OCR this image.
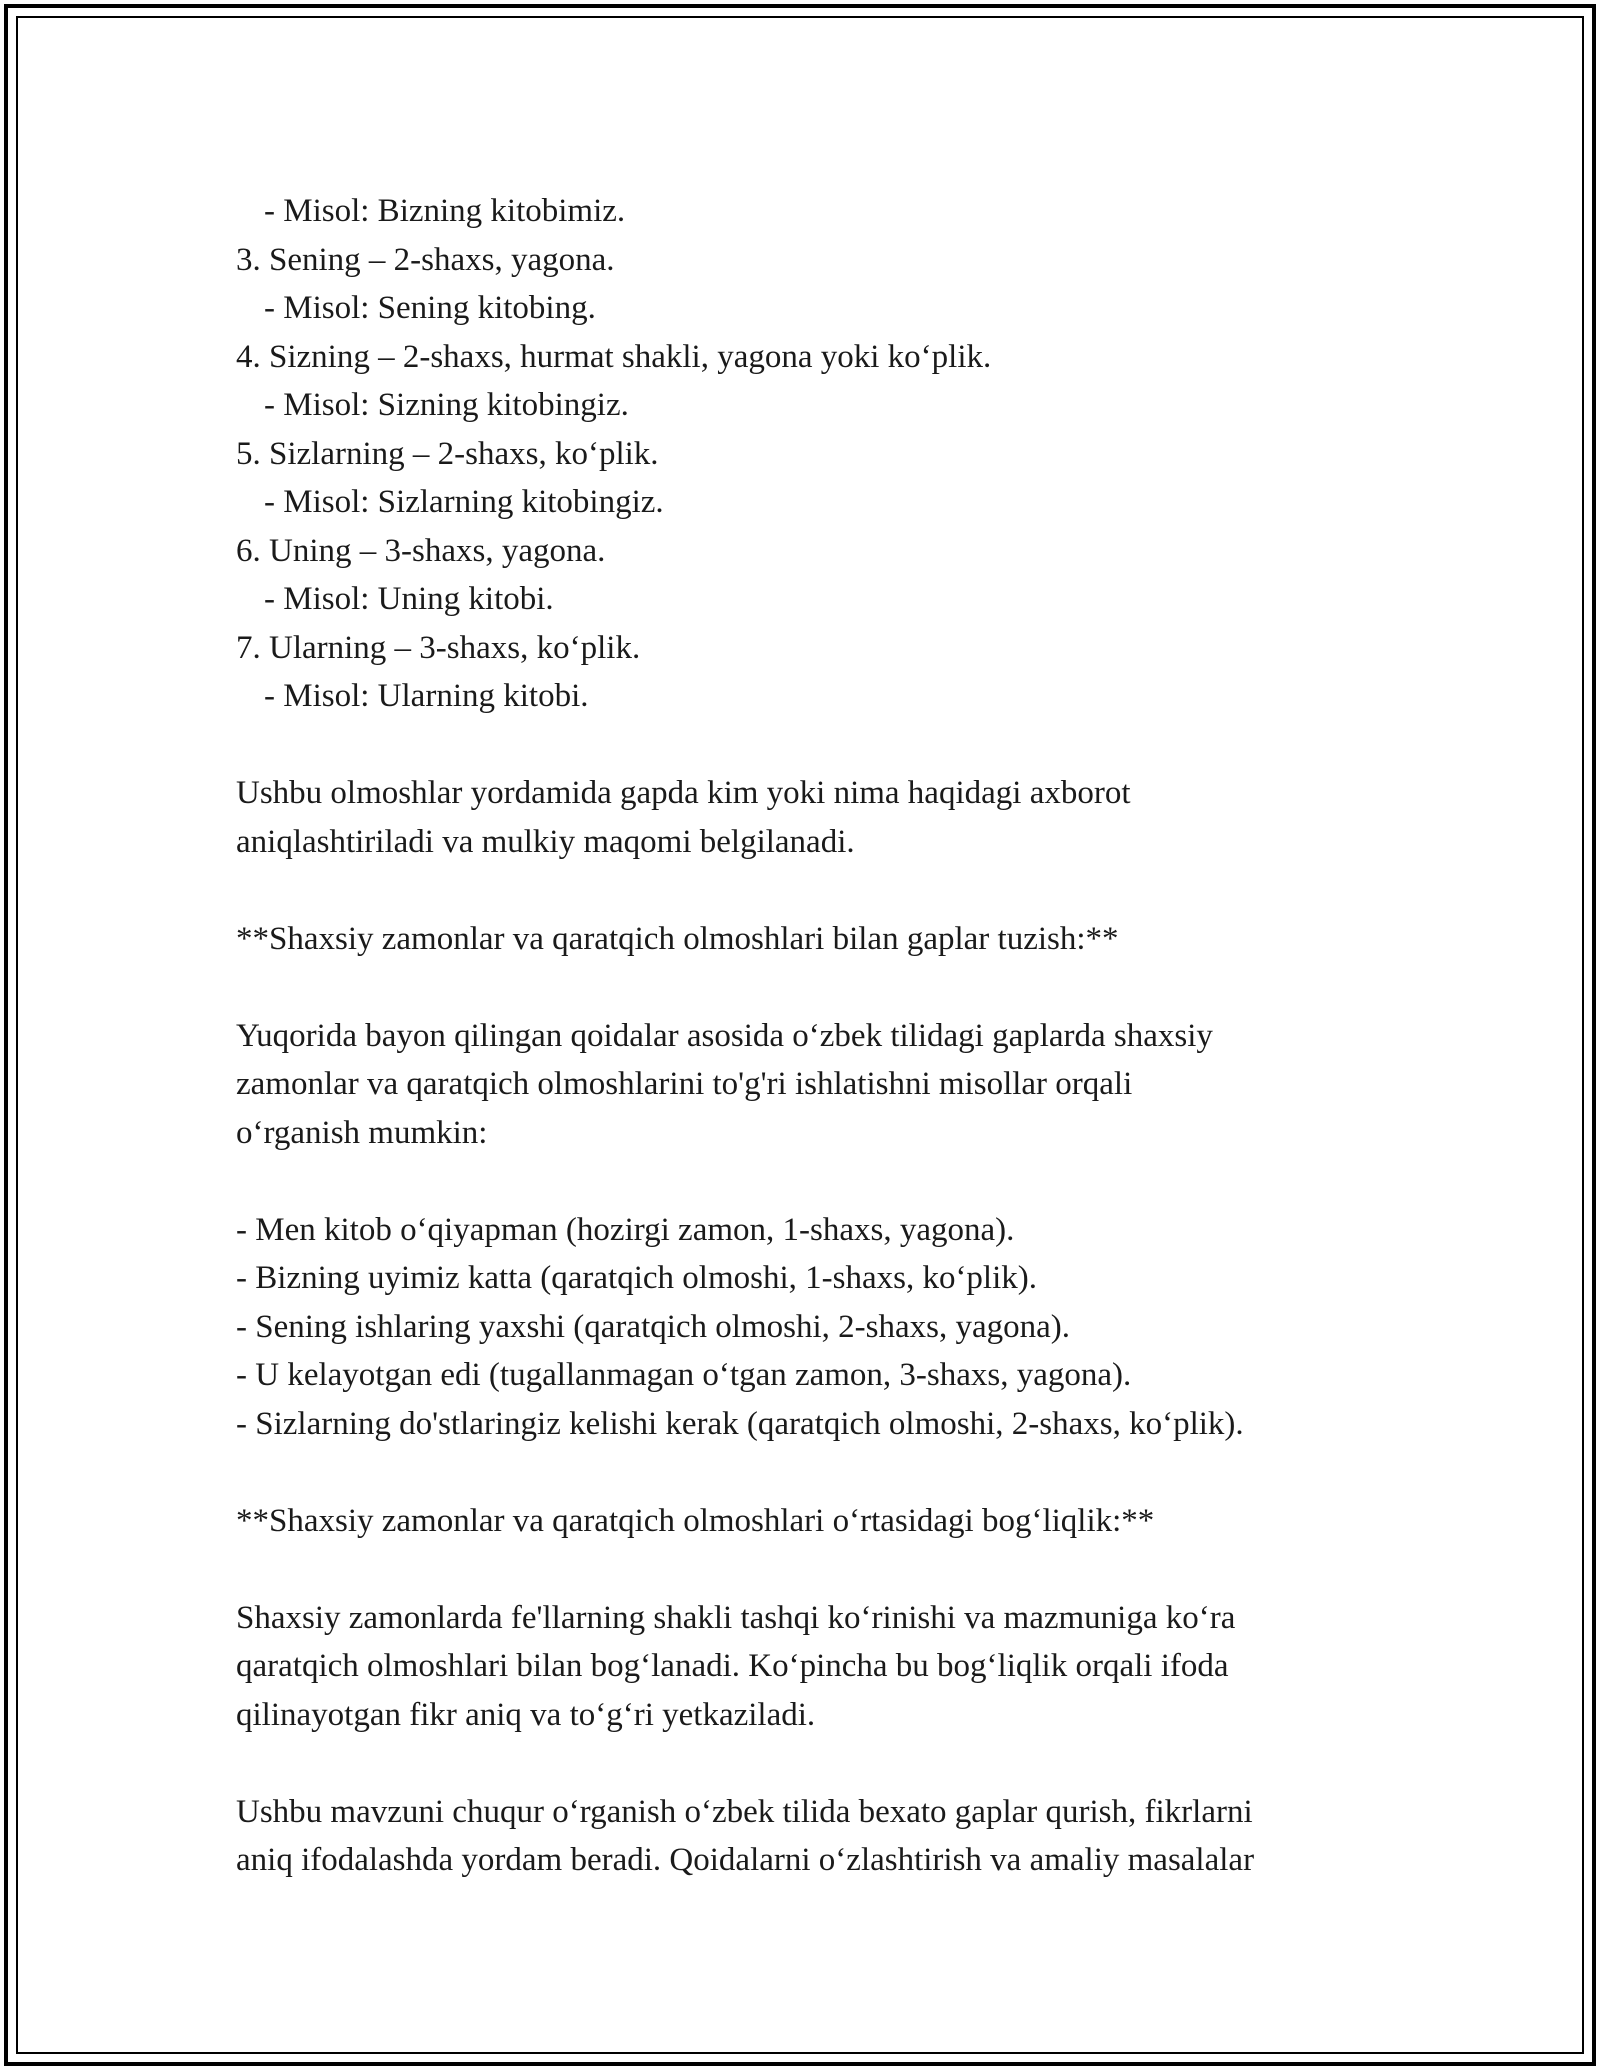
- Misol: Bizning kitobimiz.
3. Sening – 2-shaxs, yagona.
- Misol: Sening kitobing.
4. Sizning – 2-shaxs, hurmat shakli, yagona yoki koʻplik.
- Misol: Sizning kitobingiz.
5. Sizlarning – 2-shaxs, koʻplik.
- Misol: Sizlarning kitobingiz.
6. Uning – 3-shaxs, yagona.
- Misol: Uning kitobi.
7. Ularning – 3-shaxs, koʻplik.
- Misol: Ularning kitobi.

Ushbu olmoshlar yordamida gapda kim yoki nima haqidagi axborot

aniqlashtiriladi va mulkiy maqomi belgilanadi.

**Shaxsiy zamonlar va qaratqich olmoshlari bilan gaplar tuzish:**

Yuqorida bayon qilingan qoidalar asosida oʻzbek tilidagi gaplarda shaxsiy

zamonlar va qaratqich olmoshlarini to'g'ri ishlatishni misollar orqali

oʻrganish mumkin:

- Men kitob oʻqiyapman (hozirgi zamon, 1-shaxs, yagona).
- Bizning uyimiz katta (qaratqich olmoshi, 1-shaxs, koʻplik).
- Sening ishlaring yaxshi (qaratqich olmoshi, 2-shaxs, yagona).
- U kelayotgan edi (tugallanmagan oʻtgan zamon, 3-shaxs, yagona).
- Sizlarning do'stlaringiz kelishi kerak (qaratqich olmoshi, 2-shaxs, koʻplik).
**Shaxsiy zamonlar va qaratqich olmoshlari oʻrtasidagi bogʻliqlik:**

Shaxsiy zamonlarda fe'llarning shakli tashqi koʻrinishi va mazmuniga koʻra

qaratqich olmoshlari bilan bogʻlanadi. Koʻpincha bu bogʻliqlik orqali ifoda

qilinayotgan fikr aniq va toʻgʻri yetkaziladi.

Ushbu mavzuni chuqur oʻrganish oʻzbek tilida bexato gaplar qurish, fikrlarni

aniq ifodalashda yordam beradi. Qoidalarni oʻzlashtirish va amaliy masalalar
